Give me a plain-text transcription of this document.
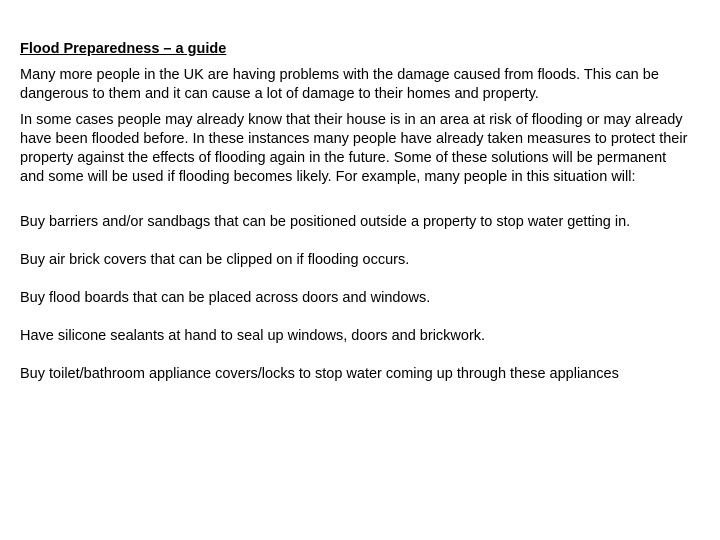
Flood Preparedness – a guide
Many more people in the UK are having problems with the damage caused from floods. This can be dangerous to them and it can cause a lot of damage to their homes and property.
In some cases people may already know that their house is in an area at risk of flooding or may already have been flooded before. In these instances many people have already taken measures to protect their property against the effects of flooding again in the future. Some of these solutions will be permanent and some will be used if flooding becomes likely. For example, many people in this situation will:
Buy barriers and/or sandbags that can be positioned outside a property to stop water getting in.
Buy air brick covers that can be clipped on if flooding occurs.
Buy flood boards that can be placed across doors and windows.
Have silicone sealants at hand to seal up windows, doors and brickwork.
Buy toilet/bathroom appliance covers/locks to stop water coming up through these appliances
